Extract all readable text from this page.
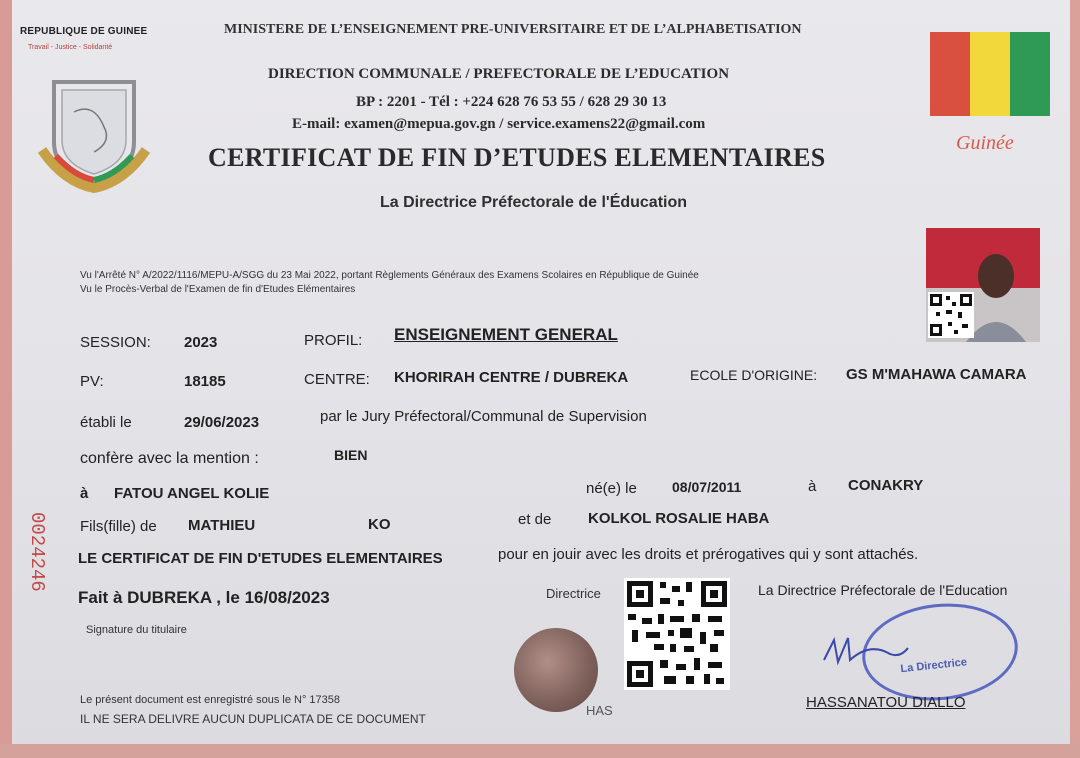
REPUBLIQUE DE GUINEE
Travail - Justice - Solidarité
MINISTERE DE L’ENSEIGNEMENT PRE-UNIVERSITAIRE ET DE L’ALPHABETISATION
DIRECTION COMMUNALE / PREFECTORALE DE L’EDUCATION
BP : 2201 - Tél : +224 628 76 53 55 / 628 29 30 13
E-mail: examen@mepua.gov.gn / service.examens22@gmail.com
Guinée
CERTIFICAT DE FIN D’ETUDES ELEMENTAIRES
La Directrice Préfectorale de l'Éducation
Vu l'Arrêté N° A/2022/1116/MEPU-A/SGG du 23 Mai 2022, portant Règlements Généraux des Examens Scolaires en République de Guinée
Vu le Procès-Verbal de l'Examen de fin d'Etudes Elémentaires
SESSION: 2023	PROFIL: ENSEIGNEMENT GENERAL
PV:	18185	CENTRE: KHORIRAH CENTRE / DUBREKA	ECOLE D'ORIGINE: GS M'MAHAWA CAMARA
établi le	29/06/2023	par le Jury Préfectoral/Communal de Supervision
confère avec la mention :	BIEN
à FATOU ANGEL KOLIE	né(e) le	08/07/2011	à CONAKRY
Fils(fille) de MATHIEU	KO	et de KOLKOL ROSALIE HABA
LE CERTIFICAT DE FIN D'ETUDES ELEMENTAIRES	pour en jouir avec les droits et prérogatives qui y sont attachés.
Fait à DUBREKA , le 16/08/2023	Directrice	La Directrice Préfectorale de l'Education
Signature du titulaire
La Directrice
Le présent document est enregistré sous le N° 17358
IL NE SERA DELIVRE AUCUN DUPLICATA DE CE DOCUMENT
HAS	HASSANATOU DIALLO
0024246
